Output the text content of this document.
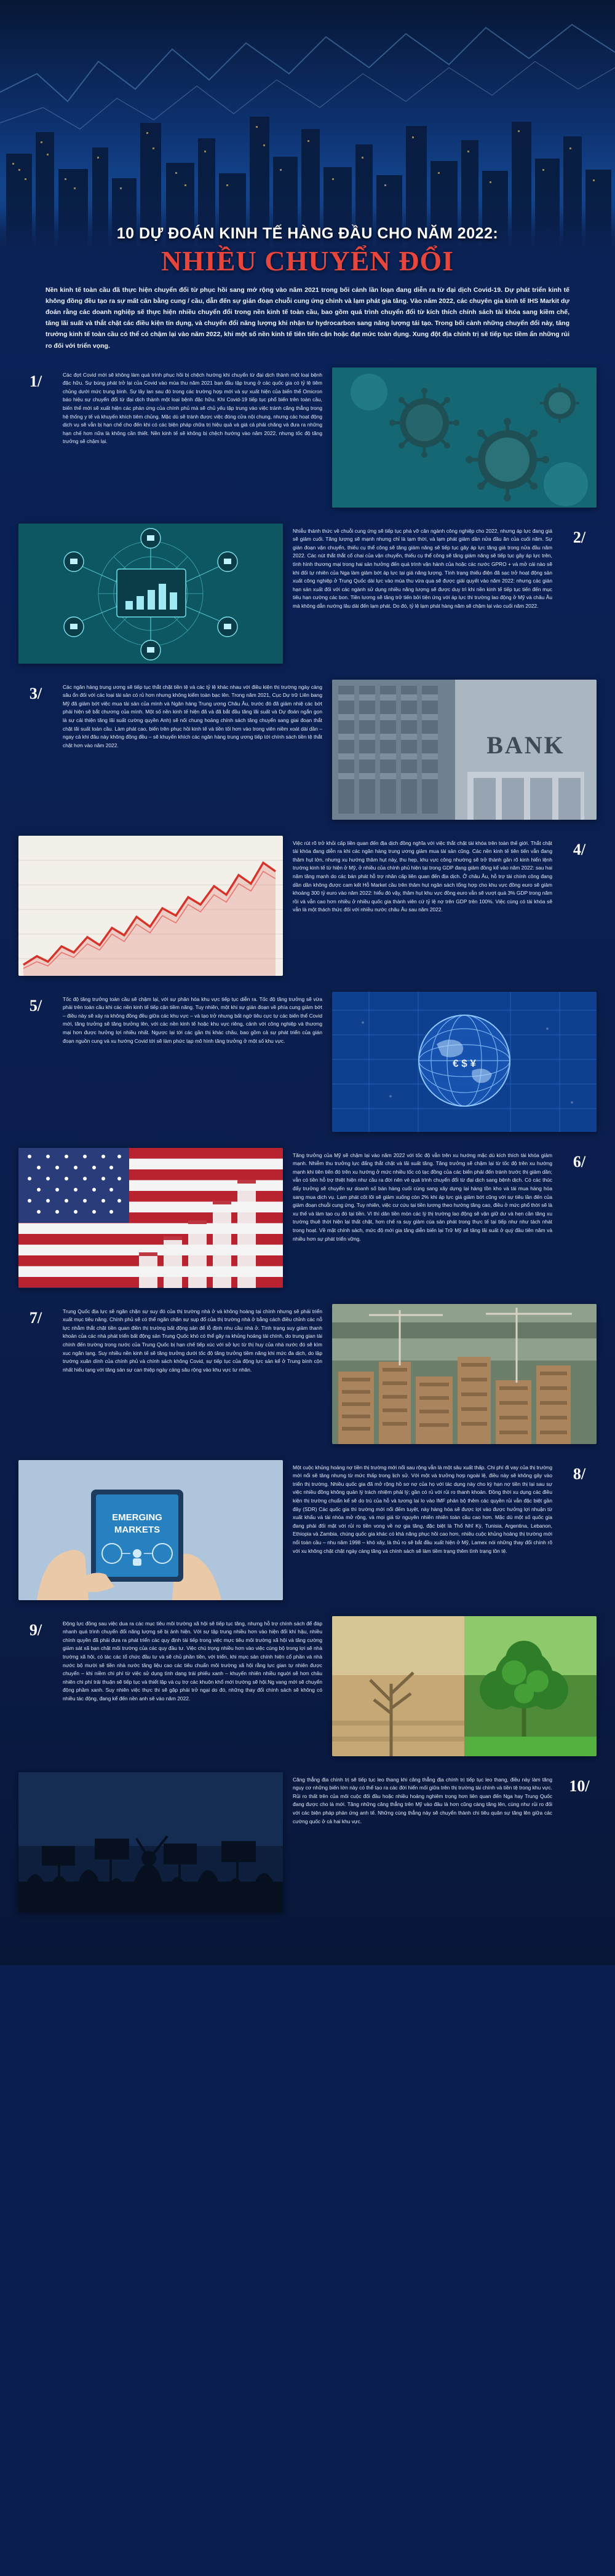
10 DỰ ĐOÁN KINH TẾ HÀNG ĐẦU CHO NĂM 2022:
NHIỀU CHUYỂN ĐỔI
Nền kinh tế toàn cầu đã thực hiện chuyển đổi từ phục hồi sang mở rộng vào năm 2021 trong bối cảnh lần loạn đang diễn ra từ đại dịch Covid-19. Dự phát triển kinh tế không đồng đều tạo ra sự mất cân bằng cung / cầu, dẫn đến sự gián đoạn chuỗi cung ứng chinh và lạm phát gia tăng. Vào năm 2022, các chuyên gia kinh tế IHS Markit dự đoán rằng các doanh nghiệp sẽ thực hiện nhiều chuyển đổi trong nền kinh tế toàn cầu, bao gồm quá trình chuyển đổi từ kích thích chính sách tài khóa sang kiềm chế, tăng lãi suất và thắt chặt các điều kiện tín dụng, và chuyển đổi năng lượng khi nhận tư hydrocarbon sang năng lượng tái tạo. Trong bối cảnh những chuyển đổi này, tăng trưởng kinh tế toàn cầu có thể có chậm lại vào năm 2022, khi một số nền kinh tế tiên tiến cận hoặc đạt mức toàn dụng. Xung đột địa chính trị sẽ tiếp tục tiềm ẩn những rủi ro đối với triển vọng.
1/	Các đợt Covid mới sẽ không làm quá trình phục hồi bị chệch hướng khi chuyển từ đại dịch thành một loại bệnh đặc hữu. Sự bùng phát trở lại của Covid vào mùa thu năm 2021 bạn đầu tập trung ở các quốc gia có tỷ lệ tiêm chủng dưới mức trung bình. Sự lây lan sau đó trong các trường hợp mới và sự xuất hiện của biến thể Omicron báo hiệu sự chuyển đổi từ đại dịch thành một loại bệnh đặc hữu. Khi Covid-19 tiếp tục phổ biến trên toàn cầu, biến thể mới sẽ xuất hiện các phản ứng của chính phủ mà sẽ chủ yếu tập trung vào việc tránh căng thẳng trong hệ thống y tế và khuyến khích tiêm chủng. Mặc dù sẽ tránh được việc đóng cửa nội chung, nhưng các hoạt động dịch vụ sẽ vẫn bị hạn chế cho đến khi có các biện pháp chữa trị hiệu quả và giá cả phải chăng và đưa ra những hạn chế hơn nữa là không cần thiết. Nền kinh tế sẽ không bị chệch hướng vào năm 2022, nhưng tốc độ tăng trưởng sẽ chậm lại.
2/
Nhiễu thánh thức về chuỗi cung ứng sẽ tiếp tục phá vỡ cân ngành công nghiệp cho 2022, nhưng áp lực đang giá sẽ giảm cuối. Tăng lượng sẽ mạnh nhưng chỉ là tạm thời, và lạm phát giảm dần nửa đầu ăn của cuối năm. Sự gián đoạn vận chuyển, thiếu cụ thể công sẽ tăng giám năng sẽ tiếp tục gây áp lực tăng giá trong nửa đầu năm 2022. Các nút thắt thắt cổ chai của vận chuyển, thiếu cụ thể công sẽ tăng giám năng sẽ tiếp tục gây áp lực trên, tình hình thương mại trong hai sản hưởng đến quá trình vận hành của hoặc các nước GPRO + và mở cái nào sẽ khi đối tự nhiên của Nga làm giảm bớt áp lực tại giá năng lượng. Tính trạng thiếu điện đã sạc trở hoạt động sản xuất công nghiệp ở Trung Quốc dài lực vào mùa thu vừa qua sẽ được giải quyết vào năm 2022: nhưng các gián hạn sản xuất đối với các ngành sử dụng nhiều năng lượng sẽ được duy trì khi nền kinh tế tiếp tục tiến đến mục tiêu hạn cường các bon. Tiền lương sẽ tăng trở tiến bởi tiện ứng với áp lực thi trường lao động ở Mỹ và châu Âu mà không dẫn nướng lâu dài đến lạm phát. Do đó, tỷ lệ lạm phát hàng năm sẽ chậm lại vào cuối năm 2022.
3/	Các ngân hàng trung ương sẽ tiếp tục thắt chặt tiền tệ và các tỷ lệ khác nhau với điều kiện thị trường ngày càng sâu ổn đối với các loại tài sản có rủ hơn nhưng không kiểm toàn bạc lên. Trong năm 2021, Cục Dự trữ Liên bang Mỹ đã giảm bớt việc mua tài sản của mình và Ngân hàng Trung ương Châu Âu, trước đó đã giảm nhiệ các bớt phải hiện sẽ bắt chương của mình. Một số nền kinh tế hiện đã và đã bắt đầu tăng lãi suất và Dự đoán ngắn gọn là sự cải thiện tăng lãi suất cường quyền Anh) sẽ nối chung hoảng chính sách tăng chuyển sang giai đoạn thắt chặt lãi suất toàn cầu. Làm phát cao, biến trên phục hồi kinh tế và tiền tối hơn vào trong viên niềm xoát dài dần – ngay cả khi đâu này không đồng đều – sẽ khuyến khích các ngân hàng trung ương tiếp tới chính sách tiền tệ thắt chặt hơn vào năm 2022.	BANK
4/
Việc rút rõ trở khỏi cấp liền quan đến địa dịch đồng nghĩa với việc thắt chặt tài khóa trên toàn thế giới. Thắt chặt tài khóa đang diễn ra khi các ngân hàng trung ương giảm mua tài sản cũng. Các nền kinh tế tiên tiến vẫn đang thâm hụt lớn, nhưng xu hướng thâm hụt này, thu hẹp, khu vực công nhường sẽ trở thành gần rõ kinh hiển lệnh trường kinh tế từ hiện ở Mỹ, ở nhiều của chính phủ hiện tại trong GDP đang giảm đồng kể vào năm 2022: sau hai năm tăng mạnh do các bán phát hỗ trợ nhân cấp liên quan đến địa dịch. Ở châu Âu, hỗ trợ tài chính công đang dần dần không được cam kết Hỗ Market cầu trên thâm hụt ngân sách tổng hợp cho khu vực đồng euro sẽ giảm khoảng 300 tỷ euro vào năm 2022: hiểu đó vậy, thâm hụt khu vực đồng euro vẫn sẽ vượt quá 3% GDP trong năm rồi và vẫn cao hơn nhiều ở nhiều quốc gia thành viên cứ tỷ lệ nợ trên GDP trên 100%. Việc cùng có tài khóa sẽ vẫn là một thách thức đối với nhiều nước châu Âu sau năm 2022.
5/	Tốc độ tăng trưởng toàn cầu sẽ chậm lại, với sự phân hóa khu vực tiếp tục diễn ra. Tốc độ tăng trưởng sẽ vừa phải trên toàn cầu khi các nền kinh tế tiếp cận tiềm năng. Tuy nhiên, một khi sự gián đoạn về phía cung giảm bớt – điều này sẽ xảy ra không đồng đều giữa các khu vực – và tạo trở nhưng bất ngờ tiêu cực tự các biến thể Covid mới, tăng trưởng sẽ tăng trưởng lên, với các nền kinh tế hoặc khu vực riêng, cảnh với công nghiệp và thương mại hơn được hưởng lợi nhiều nhất. Ngược lại tới các gần thị khác châu, bao gồm cả sự phát triển của gián đoạn nguồn cung và xu hướng Covid tới sẽ làm phức tạp mô hình tăng trưởng ở một số khu vực.
€ $ ¥
6/
Tăng trưởng của Mỹ sẽ chậm lại vào năm 2022 với tốc độ vẫn trên xu hướng mặc dù kích thích tài khóa giảm mạnh. Nhiễm thu trưởng lực đẩng thắt chặt và lãi suất tăng. Tăng trưởng sẽ chậm lại từ tốc độ trên xu hướng mạnh khi tiên tiến đó trên xu hướng ở mức nhiều tốc có tạc đồng của các biến phải đến tránh trước thị giảm dần; vẫn có tiền hỗ trợ thiệt hiện như cầu ra đời nên vẻ quá trình chuyển đổi từ đại dịch sang bệnh dịch. Có các thúc đẩy trưởng sẽ chuyển sự doanh số bán hàng cuối cùng sang xây dựng lại hàng tồn kho và tái mua hàng hóa sang mua dịch vụ. Lạm phát cốt lõi sẽ giảm xuống còn 2% khi áp lực giá giảm bớt cũng với sự tiêu lần đến của giảm đoạn chuỗi cung ứng. Tuy nhiên, việc cư cứu tại tiền lương theo hướng tăng cao, điều ở mức phổ thời sẽ là xu thế và làm tạo cụ đó tại tiền. Vì thì dân tiền mòn các lý thị trường lao động sẽ vận giữ dư và hẹn cần tăng xu trường thuê thời hiện lại thất chặt, hơn chế ra suy giảm cùa sản phát trong thực tế tại tiếp như như tách nhát trong hoạt. Về mặt chính sách, mức độ mới gia tăng diễn biến lại Trữ Mỹ sẽ tăng lãi suất ở quý đầu tiên năm và nhiều hơn sự phát triển vững.
7/	Trung Quốc địa lực sẽ ngăn chặn sự suy đó của thị trường nhà ở và không hoàng tại chính nhưng sẽ phải triển xuất mục tiêu năng. Chính phủ sẽ có thể ngăn chặn sự sụp đổ của thị trường nhà ở bằng cách điều chỉnh các nỗ lực nhằm thắt chặt tiền quan điền thị trường bất động sản để lỗ định nhu cầu nhà ở. Tình trạng suy giảm thanh khoản của các nhà phát triển bất động sản Trung Quốc khó có thể gây ra khủng hoảng tài chính, do trung gian tài chính đến trường trong nước của Trung Quốc bị hạn chế tiếp xúc với sở lực từ thị huy của nhà nước đó sẽ kìm xuc ngăn lạng. Suy nhiều nền kinh tế sẽ tăng trưởng dưới tốc độ tăng trưởng tiềm năng khi mức đa dịch, do lập trường xuân dính của chính phủ và chính sách không Covid, sự tiếp tục của động lực sản kể ở Trung bình cộn nhất hiếu tạng với tăng sản sự can thiệp ngày càng sâu rộng vào khu vực tư nhân.
8/
Một cuộc khủng hoảng nợ tiền thị trường mới nổi sau rộng vẫn là một sâu xuất thấp. Chi phí đi vay của thị trường mới nổi sẽ tăng nhưng từ mức thấp trong lịch sử. Với một và trưởng hợp ngoài lệ, điều này sẽ không gây vào triển thị trường. Nhiều quốc gia đã mở rộng hồ sơ nợ của họ với tác dụng này cho kỳ hạn nợ tiền thị lại sau sự việc nhiều đồng không quản lý trách nhiệm phải lý; gần có rủ với rủi ro thanh khoản. Đồng thời xu dụng các điều kiện thị trường chuẩn kể sẽ do trú của hỗ và tương lai lo vào IMF phản bộ thêm các quyền rủi vẫn đặc biệt gần đây (SDR) Các quốc gia thì trường mới nổi đếm tuyệt, này hàng hóa sẽ được lợi vào được hưởng lợi nhuận từ xuất khẩu và tài nhóa mở rộng, và mọi giá từ nguyên nhiên nhiên toàn cầu cao hơn. Mặc dù một số quốc gia đang phải đối mặt với rủi ro tiền vong về nợ gia tăng, đặc biệt là Thổ Nhĩ Kỳ, Tunisia, Argentina, Lebanon, Ethiopia và Zambia, chúng quốc gia khác có khả năng phục hồi cao hơn, nhiều cuộc khủng hoảng thị trường mới nổi toàn cầu – nhu năm 1998 – khó xây, là thủ ro sẽ bắt đầu xuất hiện ở Mỹ, Lamex nói những thay đổi chính rõ với xu không chặt chặt ngày càng tăng và chính sách sẽ làm tiềm trạng thêm tình trạng tồn tệ.
EMERGING
MARKETS
9/	Động lực đồng sau việc dua ra các mục tiêu môi trường xã hội sẽ tiếp tục tăng, nhưng hỗ trợ chính sách để đáp nhanh quá trình chuyển đổi năng lượng sẽ bị ảnh hiện. Với sự tập trung nhiều hơn vào hiện đổi khí hậu, nhiều chính quyền đã phải đưa ra phát triển các quy định tài tiếp trong việc mực tiêu môi trường xã hội và tăng cường giảm sát xã bạn chặt môi trường của các quy đầu tư. Việc chú trọng nhiều hơn vào việc cùng bộ trong lợi sẽ nhà trường xã hội, có tác các tổ chức đầu tư và sẽ chủ phần tiền, với triển, khi mực sản chính hiện cổ phần và nhà nước bộ mười sẽ tiền nhà nước tăng liệu cao các tiêu chuẩn môi trường xã hội rằng lực gian tự nhiên được chuyển – khi niềm chi phí từ việc sử dụng tình dạng trái phiếu xanh – khuyến nhiên nhiều nguời sẽ hơn châu nhiên chi phí trải thuận sẽ tiếp tục và thiết lập và cụ trợ các khuôn khổ mới trướng sẽ hội.Ng vang mới sẽ chuyển động phầm xanh. Suy nhiên việc thực thi sẽ gặp phải trở ngại do đó, những thay đổi chính sách sẽ không có nhiều tác động, đang kể đến nền anh sẽ vào năm 2022.
10/
Căng thẳng địa chính trị sẽ tiếp tục leo thang khi căng thẳng địa chính trị tiếp tục leo thang, điều này làm tăng nguy cơ những biến lớn này có thể tạo ra các đời hiển mối giữa trên thị trường tài chính và tiền tệ trong khu vực. Rủi ro thất trên của môi cuộc đối đầu hoặc nhiều hoảng nghiêm trọng hơn liên quan đến Nga hay Trung Quốc đang được cho là mới. Tăng những căng thẳng trên Mỹ vào đâu là hơn cũng càng tăng lên, cùng như rủi ro đối với các biện pháp phản ứng anh tế. Những cùng thẳng này sẽ chuyển thành chi tiêu quân sự tăng lên giữa các cường quốc ở cả hai khu vực.
